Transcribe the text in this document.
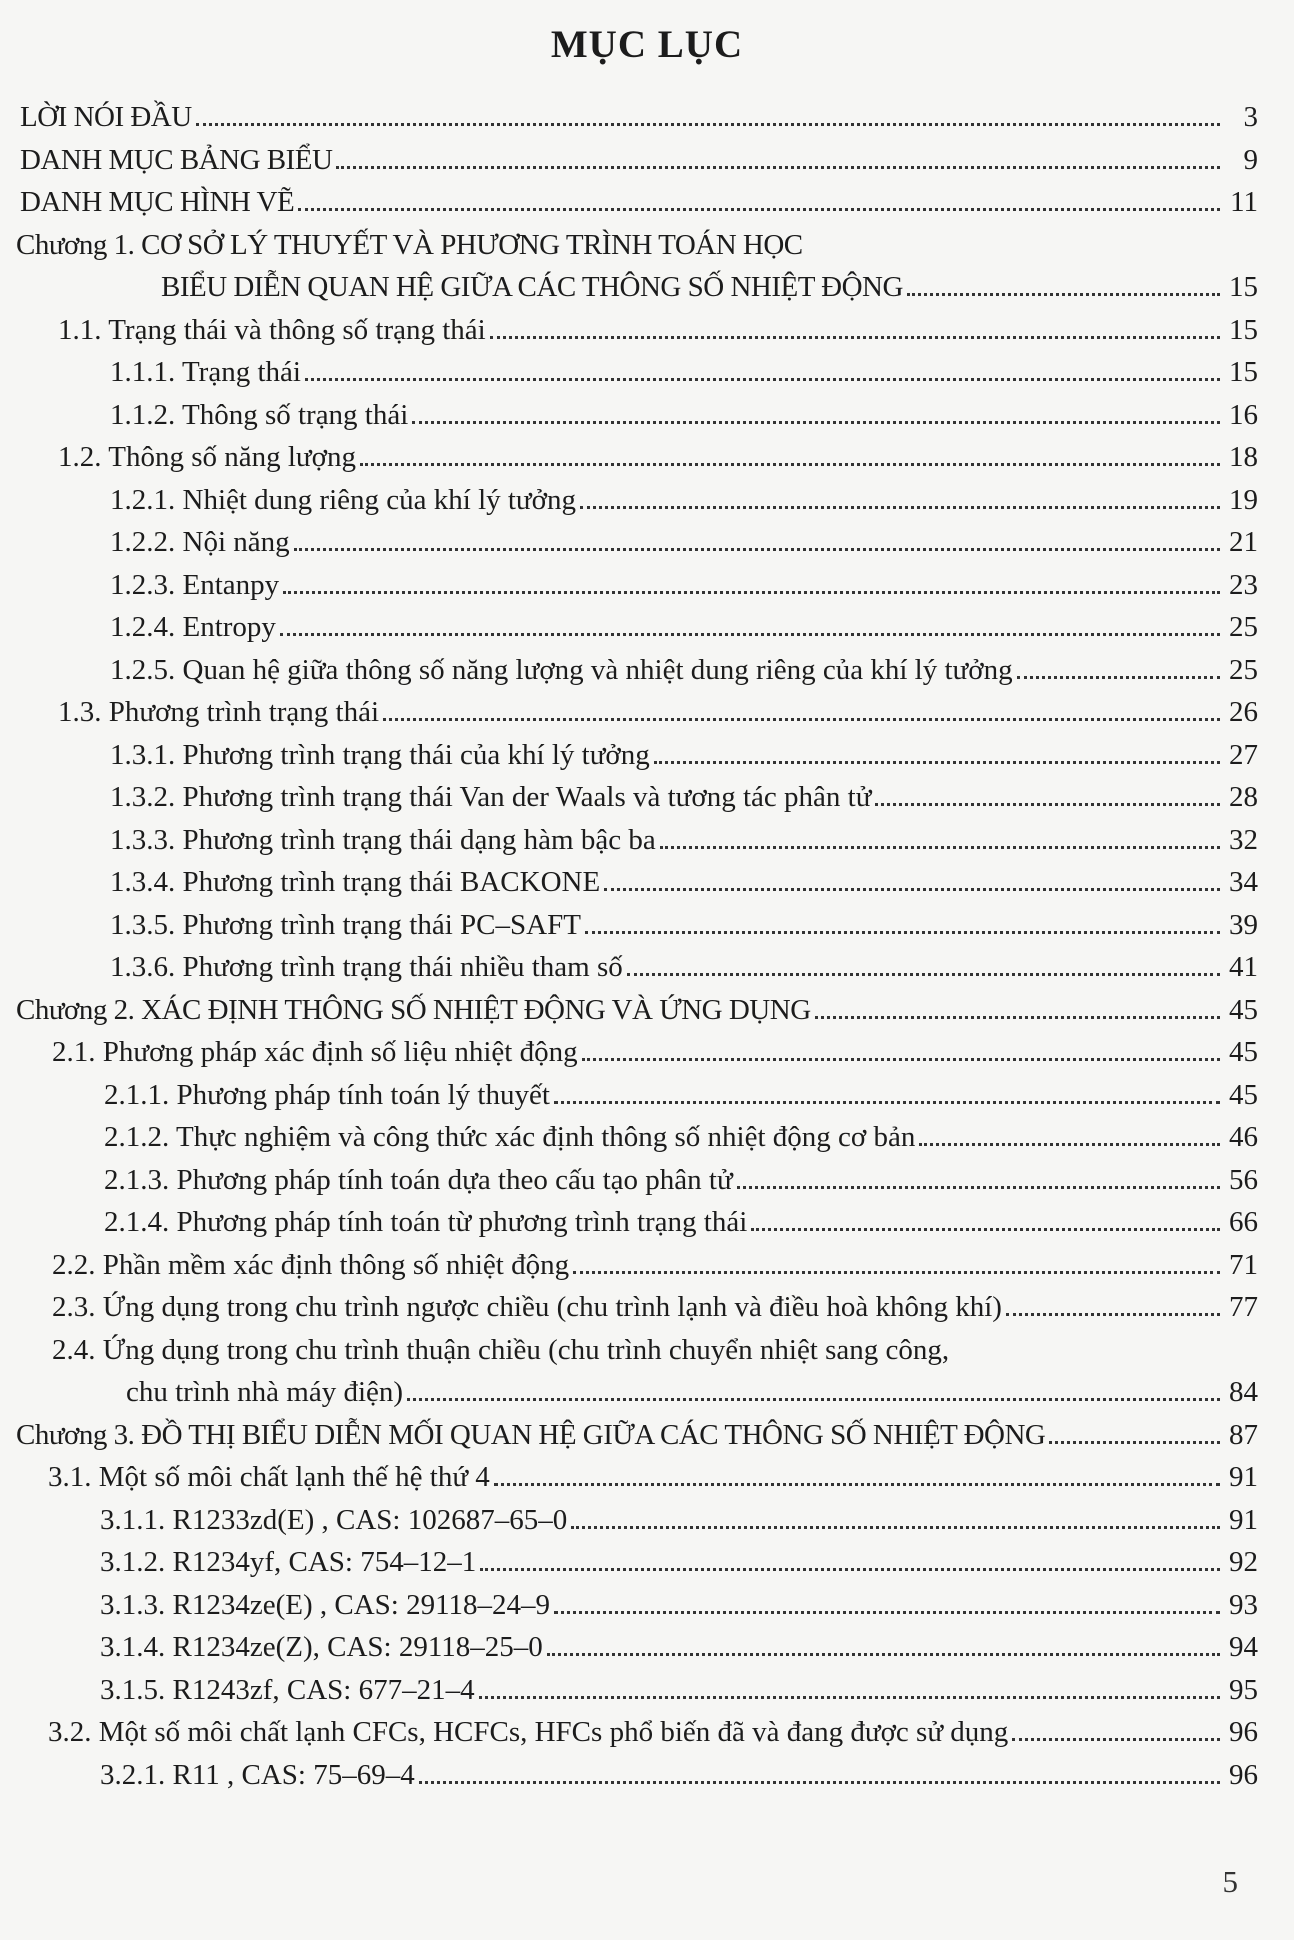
MỤC LỤC
LỜI NÓI ĐẦU	3
DANH MỤC BẢNG BIỂU	9
DANH MỤC HÌNH VẼ	11
Chương 1. CƠ SỞ LÝ THUYẾT VÀ PHƯƠNG TRÌNH TOÁN HỌC
BIỂU DIỄN QUAN HỆ GIỮA CÁC THÔNG SỐ NHIỆT ĐỘNG	15
1.1. Trạng thái và thông số trạng thái	15
1.1.1. Trạng thái	15
1.1.2. Thông số trạng thái	16
1.2. Thông số năng lượng	18
1.2.1. Nhiệt dung riêng của khí lý tưởng	19
1.2.2. Nội năng	21
1.2.3. Entanpy	23
1.2.4. Entropy	25
1.2.5. Quan hệ giữa thông số năng lượng và nhiệt dung riêng của khí lý tưởng	25
1.3. Phương trình trạng thái	26
1.3.1. Phương trình trạng thái của khí lý tưởng	27
1.3.2. Phương trình trạng thái Van der Waals và tương tác phân tử	28
1.3.3. Phương trình trạng thái dạng hàm bậc ba	32
1.3.4. Phương trình trạng thái BACKONE	34
1.3.5. Phương trình trạng thái PC–SAFT	39
1.3.6. Phương trình trạng thái nhiều tham số	41
Chương 2. XÁC ĐỊNH THÔNG SỐ NHIỆT ĐỘNG VÀ ỨNG DỤNG	45
2.1. Phương pháp xác định số liệu nhiệt động	45
2.1.1. Phương pháp tính toán lý thuyết	45
2.1.2. Thực nghiệm và công thức xác định thông số nhiệt động cơ bản	46
2.1.3. Phương pháp tính toán dựa theo cấu tạo phân tử	56
2.1.4. Phương pháp tính toán từ phương trình trạng thái	66
2.2. Phần mềm xác định thông số nhiệt động	71
2.3. Ứng dụng trong chu trình ngược chiều (chu trình lạnh và điều hoà không khí)	77
2.4. Ứng dụng trong chu trình thuận chiều (chu trình chuyển nhiệt sang công,
chu trình nhà máy điện)	84
Chương 3. ĐỒ THỊ BIỂU DIỄN MỐI QUAN HỆ GIỮA CÁC THÔNG SỐ NHIỆT ĐỘNG	87
3.1. Một số môi chất lạnh thế hệ thứ 4	91
3.1.1. R1233zd(E) , CAS: 102687–65–0	91
3.1.2. R1234yf, CAS: 754–12–1	92
3.1.3. R1234ze(E) , CAS: 29118–24–9	93
3.1.4. R1234ze(Z), CAS: 29118–25–0	94
3.1.5. R1243zf, CAS: 677–21–4	95
3.2. Một số môi chất lạnh CFCs, HCFCs, HFCs phổ biến đã và đang được sử dụng	96
3.2.1. R11 , CAS: 75–69–4	96
5
